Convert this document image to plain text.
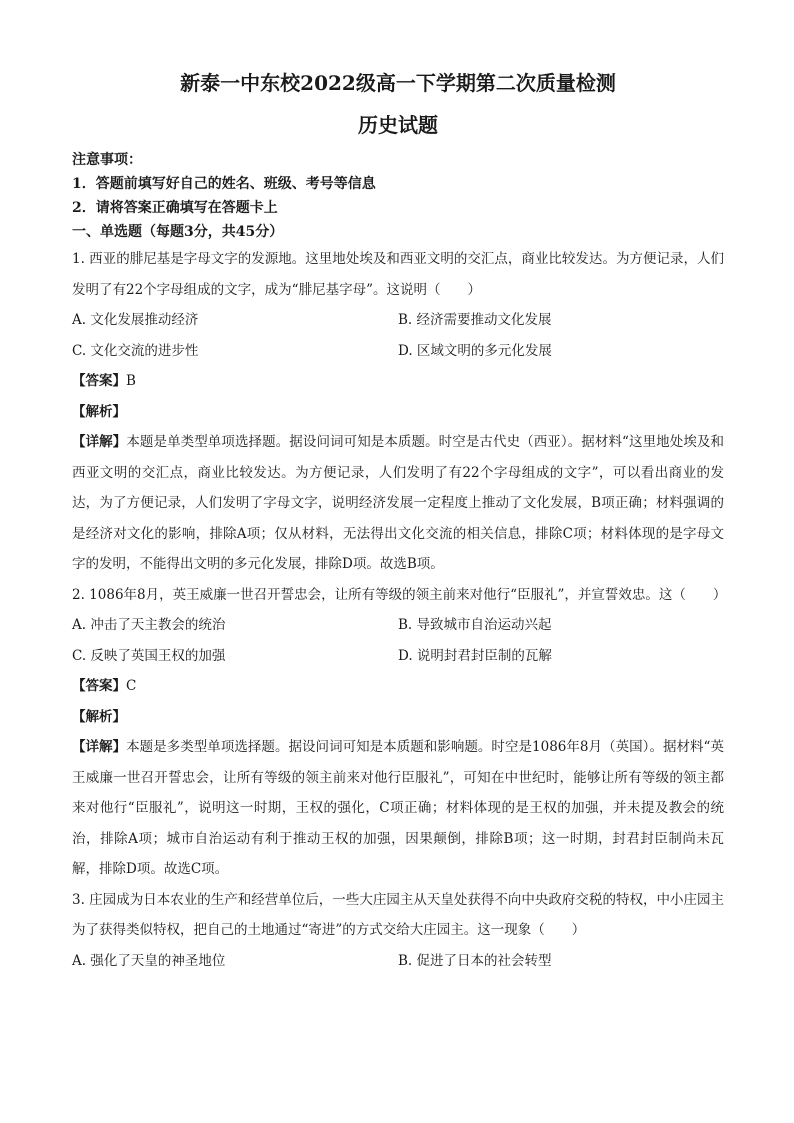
新泰一中东校2022级高一下学期第二次质量检测
历史试题
注意事项：
1．答题前填写好自己的姓名、班级、考号等信息
2．请将答案正确填写在答题卡上
一、单选题（每题3分，共45分）
1. 西亚的腓尼基是字母文字的发源地。这里地处埃及和西亚文明的交汇点，商业比较发达。为方便记录，人们发明了有22个字母组成的文字，成为“腓尼基字母”。这说明（　　）
A. 文化发展推动经济	B. 经济需要推动文化发展
C. 文化交流的进步性	D. 区域文明的多元化发展
【答案】B
【解析】
【详解】本题是单类型单项选择题。据设问词可知是本质题。时空是古代史（西亚）。据材料“这里地处埃及和西亚文明的交汇点，商业比较发达。为方便记录，人们发明了有22个字母组成的文字”，可以看出商业的发达，为了方便记录，人们发明了字母文字，说明经济发展一定程度上推动了文化发展，B项正确；材料强调的是经济对文化的影响，排除A项；仅从材料，无法得出文化交流的相关信息，排除C项；材料体现的是字母文字的发明，不能得出文明的多元化发展，排除D项。故选B项。
2. 1086年8月，英王威廉一世召开誓忠会，让所有等级的领主前来对他行“臣服礼”，并宣誓效忠。这（　　）
A. 冲击了天主教会的统治	B. 导致城市自治运动兴起
C. 反映了英国王权的加强	D. 说明封君封臣制的瓦解
【答案】C
【解析】
【详解】本题是多类型单项选择题。据设问词可知是本质题和影响题。时空是1086年8月（英国）。据材料“英王威廉一世召开誓忠会，让所有等级的领主前来对他行臣服礼”，可知在中世纪时，能够让所有等级的领主都来对他行“臣服礼”，说明这一时期，王权的强化，C项正确；材料体现的是王权的加强，并未提及教会的统治，排除A项；城市自治运动有利于推动王权的加强，因果颠倒，排除B项；这一时期，封君封臣制尚未瓦解，排除D项。故选C项。
3. 庄园成为日本农业的生产和经营单位后，一些大庄园主从天皇处获得不向中央政府交税的特权，中小庄园主为了获得类似特权，把自己的土地通过“寄进”的方式交给大庄园主。这一现象（　　）
A. 强化了天皇的神圣地位	B. 促进了日本的社会转型
